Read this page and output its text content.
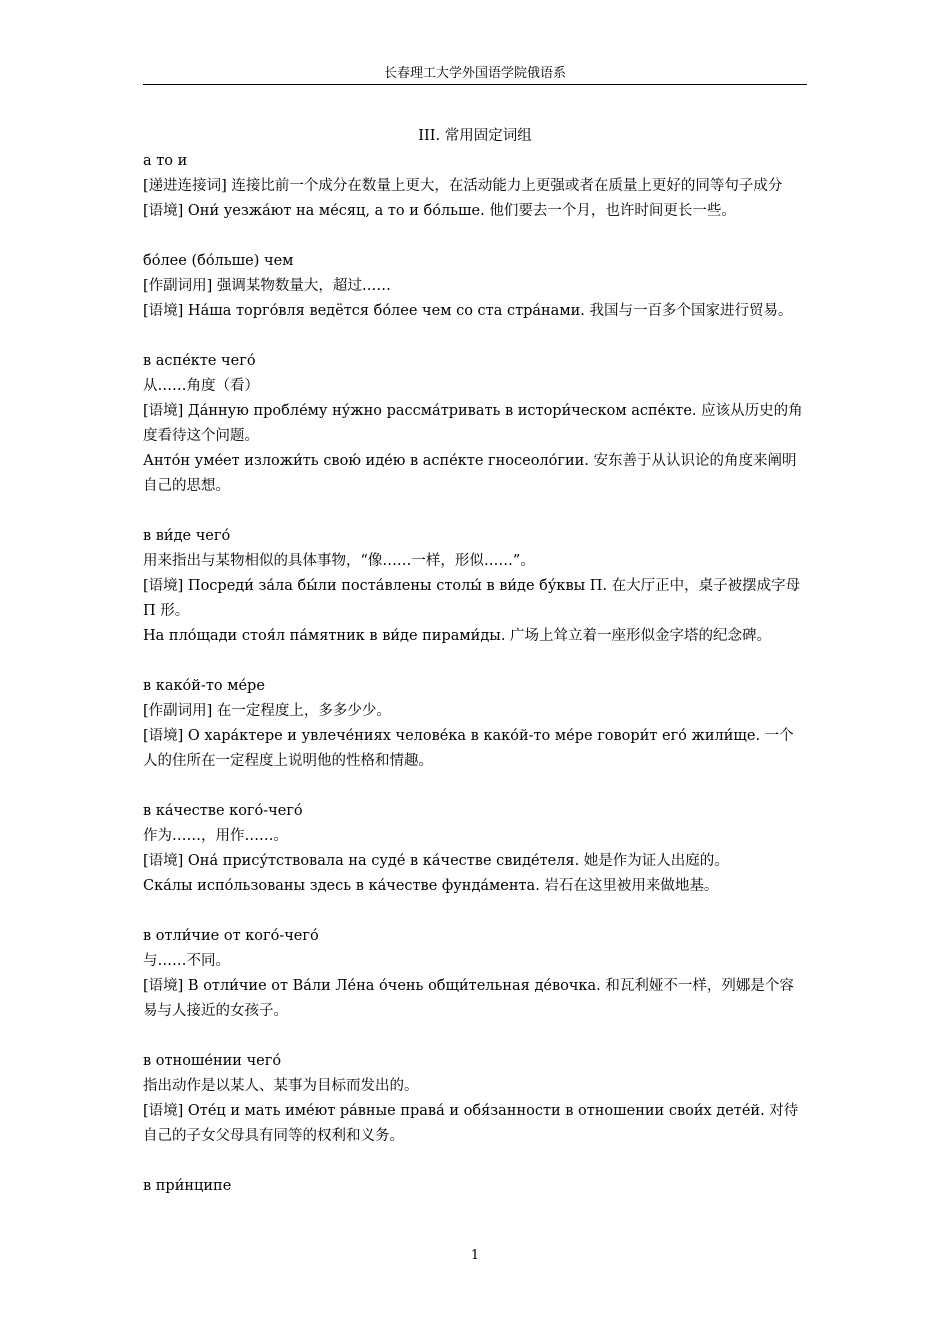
长春理工大学外国语学院俄语系
III. 常用固定词组

а то и

[递进连接词] 连接比前一个成分在数量上更大，在活动能力上更强或者在质量上更好的同等句子成分

[语境] Они́ уезжа́ют на ме́сяц, а то и бо́льше. 他们要去一个月，也许时间更长一些。

бо́лее (бо́льше) чем

[作副词用] 强调某物数量大，超过……

[语境] На́ша торго́вля ведётся бо́лее чем со ста стра́нами. 我国与一百多个国家进行贸易。

в аспе́кте чего́

从……角度（看）

[语境] Да́нную пробле́му ну́жно рассма́тривать в истори́ческом аспе́кте. 应该从历史的角度看待这个问题。

Анто́н уме́ет изложи́ть свою́ иде́ю в аспе́кте гносеоло́гии. 安东善于从认识论的角度来阐明自己的思想。

в ви́де чего́

用来指出与某物相似的具体事物，“像……一样，形似……”。

[语境] Посреди́ за́ла бы́ли поста́влены столы́ в ви́де бу́квы П. 在大厅正中，桌子被摆成字母 П 形。

На пло́щади стоя́л па́мятник в ви́де пирами́ды. 广场上耸立着一座形似金字塔的纪念碑。

в како́й-то ме́ре

[作副词用] 在一定程度上，多多少少。

[语境] О хара́ктере и увлече́ниях челове́ка в како́й-то ме́ре говори́т его́ жили́ще. 一个人的住所在一定程度上说明他的性格和情趣。

в ка́честве кого́-чего́

作为……，用作……。

[语境] Она́ прису́тствовала на суде́ в ка́честве свиде́теля. 她是作为证人出庭的。

Ска́лы испо́льзованы здесь в ка́честве фунда́мента. 岩石在这里被用来做地基。

в отли́чие от кого́-чего́

与……不同。

[语境] В отли́чие от Ва́ли Ле́на о́чень общи́тельная де́вочка. 和瓦利娅不一样，列娜是个容易与人接近的女孩子。

в отноше́нии чего́

指出动作是以某人、某事为目标而发出的。

[语境] Оте́ц и мать име́ют ра́вные права́ и обя́занности в отношении свои́х дете́й. 对待自己的子女父母具有同等的权利和义务。

в при́нципе

1
